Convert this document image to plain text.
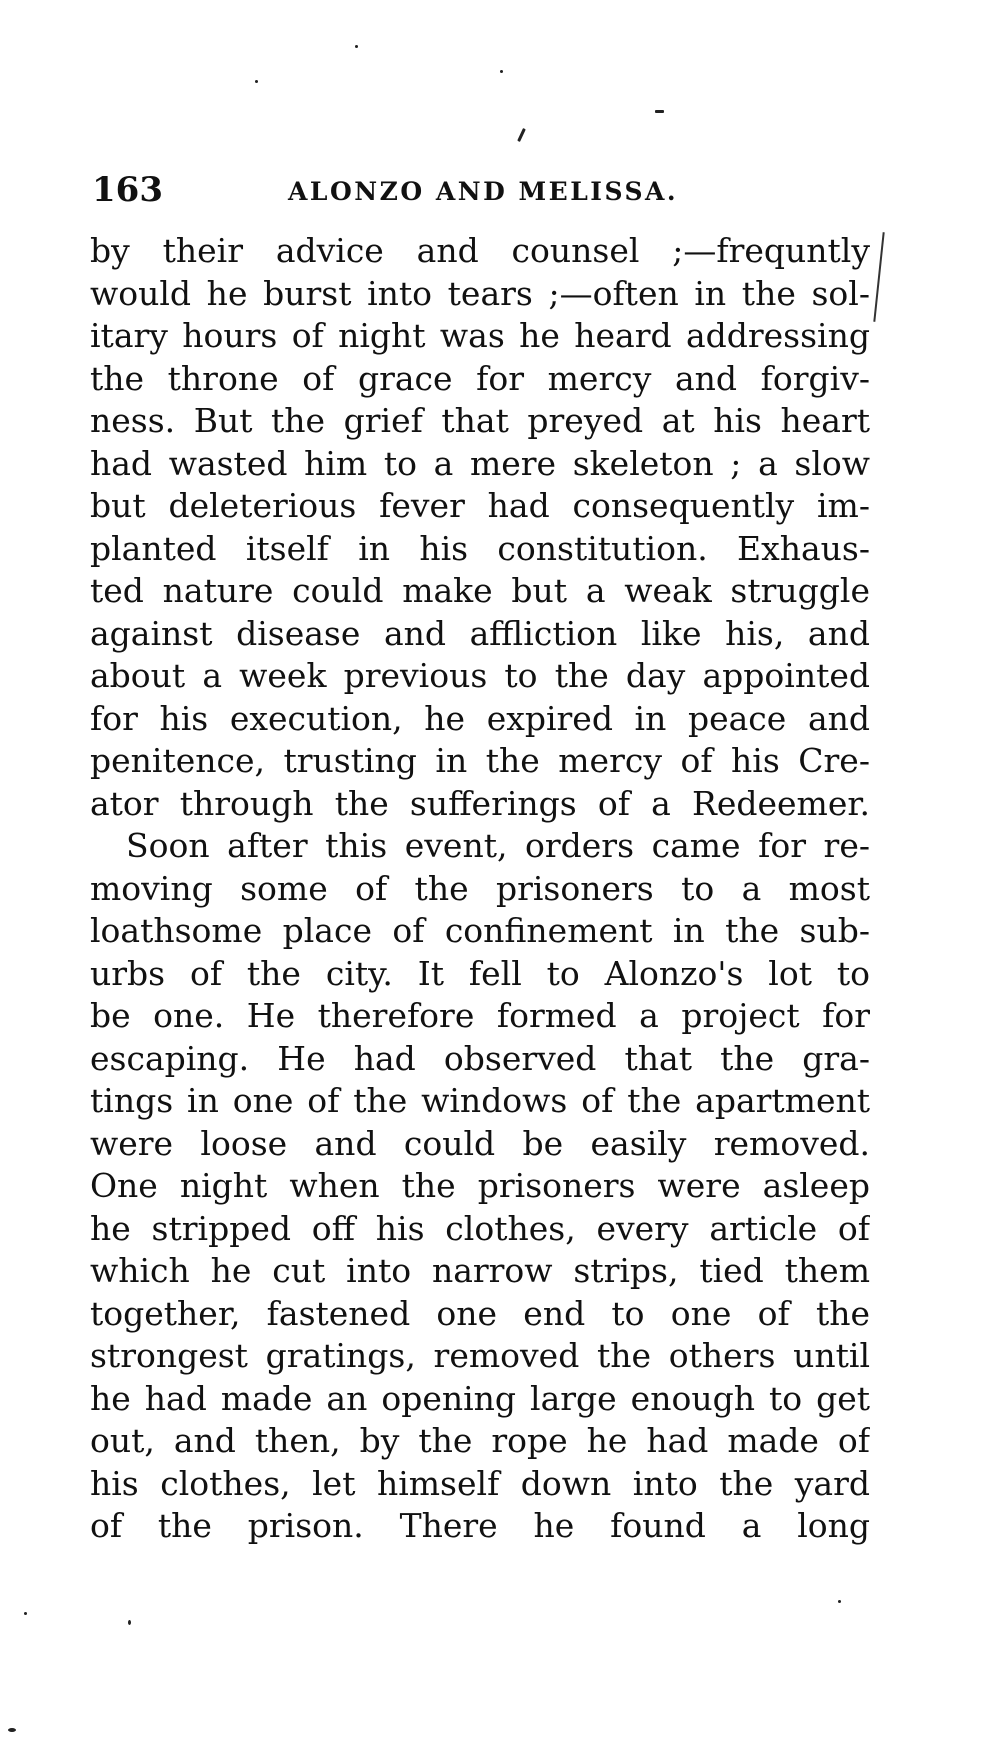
163	ALONZO AND MELISSA.
by their advice and counsel ;—frequntly
would he burst into tears ;—often in the sol-
itary hours of night was he heard addressing
the throne of grace for mercy and forgiv-
ness. But the grief that preyed at his heart
had wasted him to a mere skeleton ; a slow
but deleterious fever had consequently im-
planted itself in his constitution. Exhaus-
ted nature could make but a weak struggle
against disease and affliction like his, and
about a week previous to the day appointed
for his execution, he expired in peace and
penitence, trusting in the mercy of his Cre-
ator through the sufferings of a Redeemer.
Soon after this event, orders came for re-
moving some of the prisoners to a most
loathsome place of confinement in the sub-
urbs of the city. It fell to Alonzo's lot to
be one. He therefore formed a project for
escaping. He had observed that the gra-
tings in one of the windows of the apartment
were loose and could be easily removed.
One night when the prisoners were asleep
he stripped off his clothes, every article of
which he cut into narrow strips, tied them
together, fastened one end to one of the
strongest gratings, removed the others until
he had made an opening large enough to get
out, and then, by the rope he had made of
his clothes, let himself down into the yard
of the prison. There he found a long
